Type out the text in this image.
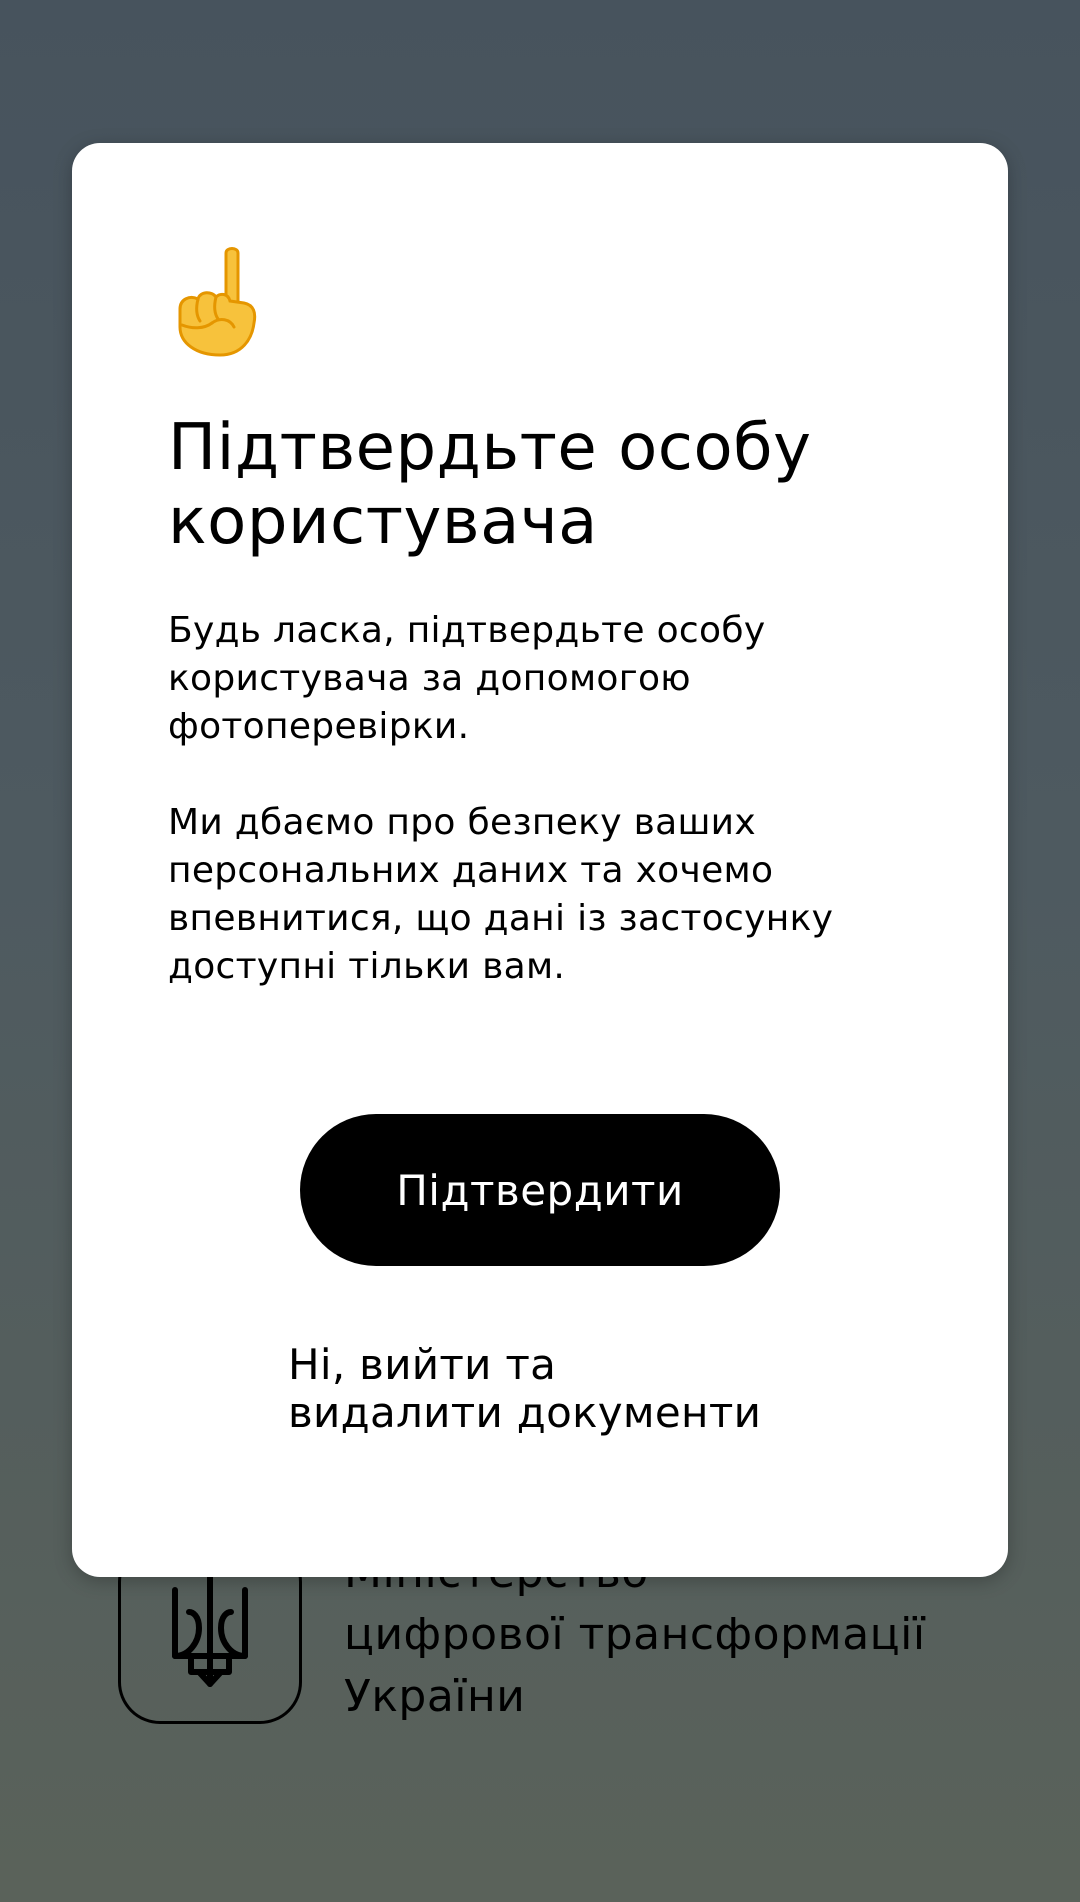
цифрової трансформації
України
Підтвердьте особу
користувача

Будь ласка, підтвердьте особу користувача за допомогою фотоперевірки.

Ми дбаємо про безпеку ваших персональних даних та хочемо впевнитися, що дані із застосунку доступні тільки вам.

Підтвердити
Ні, вийти та
видалити документи
